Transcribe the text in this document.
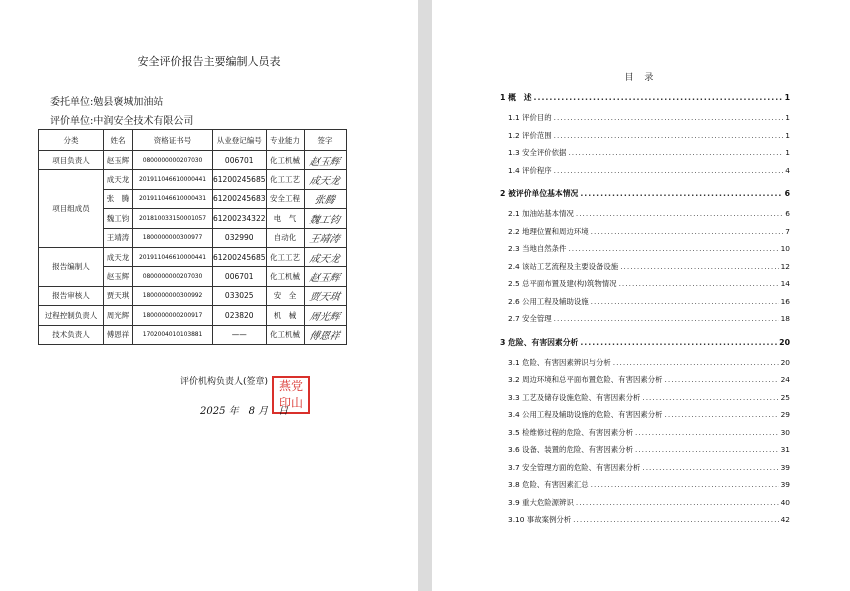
安全评价报告主要编制人员表
委托单位:勉县褒城加油站
评价单位:中润安全技术有限公司
分类	姓名	资格证书号	从业登记编号	专业能力	签字
项目负责人	赵玉辉	0800000000207030	006701	化工机械	赵玉辉
项目组成员	成天龙	201911046610000441	61200245685	化工工艺	成天龙
	张　腾	201911046610000431	61200245683	安全工程	张腾
	魏工钧	201810033150001057	61200234322	电　气	魏工钧
	王靖涛	1800000000300977	032990	自动化	王靖涛
报告编制人	成天龙	201911046610000441	61200245685	化工工艺	成天龙
	赵玉辉	0800000000207030	006701	化工机械	赵玉辉
报告审核人	贾天琪	1800000000300992	033025	安　全	贾天琪
过程控制负责人	周光辉	1800000000200917	023820	机　械	周光辉
技术负责人	傅恩祥	1702004010103881	——	化工机械	傅恩祥
评价机构负责人(签章) 燕党
印山
2025 年　8 月　日
目 录
1 概　述 .....	1
1.1 评价目的 .....	1
1.2 评价范围 .....	1
1.3 安全评价依据 .....	1
1.4 评价程序 .....	4
2 被评价单位基本情况 .....	6
2.1 加油站基本情况 .....	6
2.2 地理位置和周边环境 .....	7
2.3 当地自然条件 .....	10
2.4 该站工艺流程及主要设备设施 .....	12
2.5 总平面布置及建(构)筑物情况 .....	14
2.6 公用工程及辅助设施 .....	16
2.7 安全管理 .....	18
3 危险、有害因素分析 .....	20
3.1 危险、有害因素辨识与分析 .....	20
3.2 周边环境和总平面布置危险、有害因素分析 .....	24
3.3 工艺及储存设施危险、有害因素分析 .....	25
3.4 公用工程及辅助设施的危险、有害因素分析 .....	29
3.5 检维修过程的危险、有害因素分析 .....	30
3.6 设备、装置的危险、有害因素分析 .....	31
3.7 安全管理方面的危险、有害因素分析 .....	39
3.8 危险、有害因素汇总 .....	39
3.9 重大危险源辨识 .....	40
3.10 事故案例分析 .....	42
